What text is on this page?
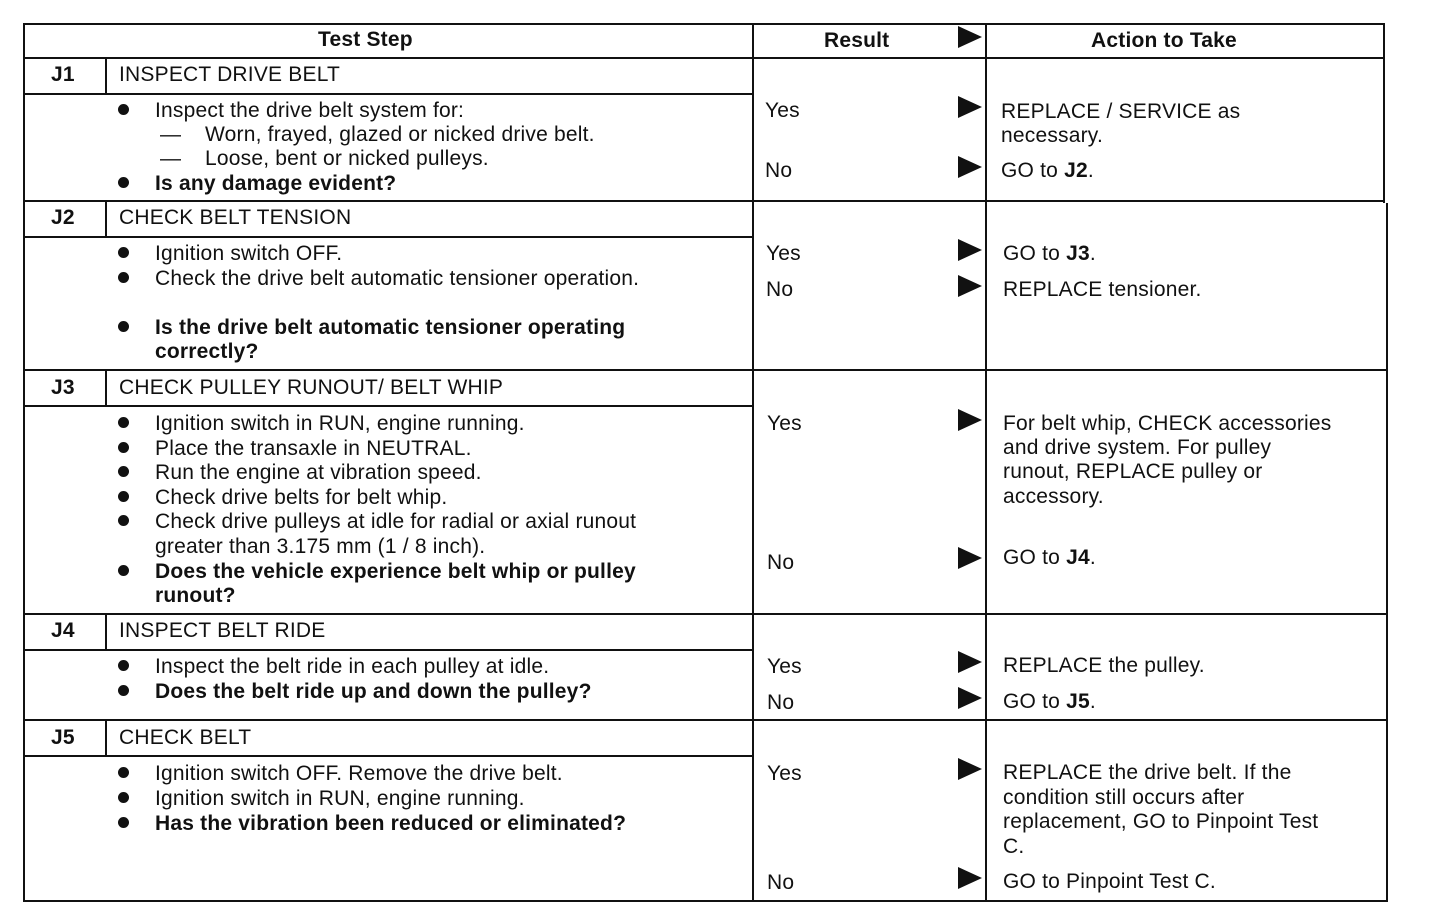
Test Step	Result	Action to Take
J1 INSPECT DRIVE BELT
Inspect the drive belt system for:
— Worn, frayed, glazed or nicked drive belt.
— Loose, bent or nicked pulleys.
Is any damage evident?
Yes	REPLACE / SERVICE as
necessary.
No	GO to J2.
J2 CHECK BELT TENSION
Ignition switch OFF.
Check the drive belt automatic tensioner operation.
Is the drive belt automatic tensioner operating
correctly?
Yes	GO to J3.
No	REPLACE tensioner.
J3 CHECK PULLEY RUNOUT/ BELT WHIP
Ignition switch in RUN, engine running.
Place the transaxle in NEUTRAL.
Run the engine at vibration speed.
Check drive belts for belt whip.
Check drive pulleys at idle for radial or axial runout
greater than 3.175 mm (1 / 8 inch).
Does the vehicle experience belt whip or pulley
runout?
Yes	For belt whip, CHECK accessories
and drive system. For pulley
runout, REPLACE pulley or
accessory.
No	GO to J4.
J4 INSPECT BELT RIDE
Inspect the belt ride in each pulley at idle.
Does the belt ride up and down the pulley?
Yes	REPLACE the pulley.
No	GO to J5.
J5 CHECK BELT
Ignition switch OFF. Remove the drive belt.
Ignition switch in RUN, engine running.
Has the vibration been reduced or eliminated?
Yes	REPLACE the drive belt. If the
condition still occurs after
replacement, GO to Pinpoint Test
C.
No	GO to Pinpoint Test C.
